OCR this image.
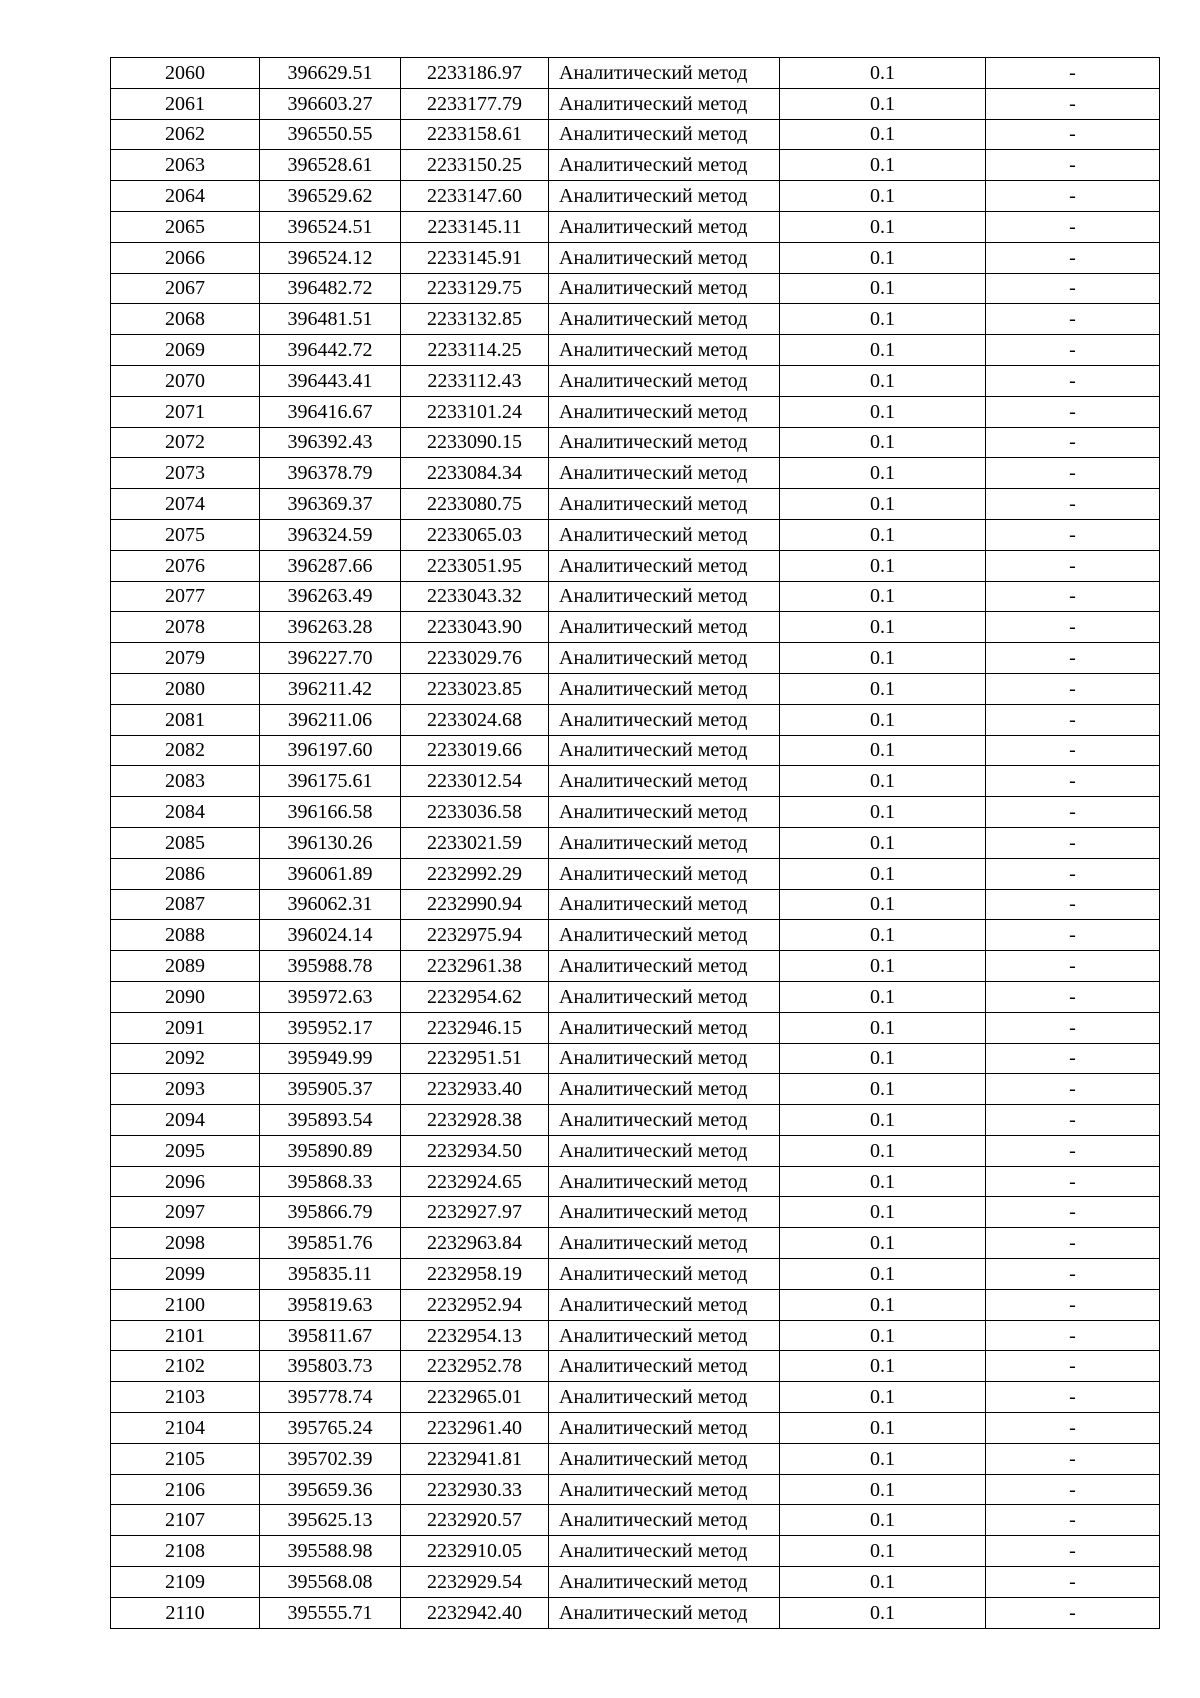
2060	396629.51	2233186.97	Аналитический метод	0.1	-
2061	396603.27	2233177.79	Аналитический метод	0.1	-
2062	396550.55	2233158.61	Аналитический метод	0.1	-
2063	396528.61	2233150.25	Аналитический метод	0.1	-
2064	396529.62	2233147.60	Аналитический метод	0.1	-
2065	396524.51	2233145.11	Аналитический метод	0.1	-
2066	396524.12	2233145.91	Аналитический метод	0.1	-
2067	396482.72	2233129.75	Аналитический метод	0.1	-
2068	396481.51	2233132.85	Аналитический метод	0.1	-
2069	396442.72	2233114.25	Аналитический метод	0.1	-
2070	396443.41	2233112.43	Аналитический метод	0.1	-
2071	396416.67	2233101.24	Аналитический метод	0.1	-
2072	396392.43	2233090.15	Аналитический метод	0.1	-
2073	396378.79	2233084.34	Аналитический метод	0.1	-
2074	396369.37	2233080.75	Аналитический метод	0.1	-
2075	396324.59	2233065.03	Аналитический метод	0.1	-
2076	396287.66	2233051.95	Аналитический метод	0.1	-
2077	396263.49	2233043.32	Аналитический метод	0.1	-
2078	396263.28	2233043.90	Аналитический метод	0.1	-
2079	396227.70	2233029.76	Аналитический метод	0.1	-
2080	396211.42	2233023.85	Аналитический метод	0.1	-
2081	396211.06	2233024.68	Аналитический метод	0.1	-
2082	396197.60	2233019.66	Аналитический метод	0.1	-
2083	396175.61	2233012.54	Аналитический метод	0.1	-
2084	396166.58	2233036.58	Аналитический метод	0.1	-
2085	396130.26	2233021.59	Аналитический метод	0.1	-
2086	396061.89	2232992.29	Аналитический метод	0.1	-
2087	396062.31	2232990.94	Аналитический метод	0.1	-
2088	396024.14	2232975.94	Аналитический метод	0.1	-
2089	395988.78	2232961.38	Аналитический метод	0.1	-
2090	395972.63	2232954.62	Аналитический метод	0.1	-
2091	395952.17	2232946.15	Аналитический метод	0.1	-
2092	395949.99	2232951.51	Аналитический метод	0.1	-
2093	395905.37	2232933.40	Аналитический метод	0.1	-
2094	395893.54	2232928.38	Аналитический метод	0.1	-
2095	395890.89	2232934.50	Аналитический метод	0.1	-
2096	395868.33	2232924.65	Аналитический метод	0.1	-
2097	395866.79	2232927.97	Аналитический метод	0.1	-
2098	395851.76	2232963.84	Аналитический метод	0.1	-
2099	395835.11	2232958.19	Аналитический метод	0.1	-
2100	395819.63	2232952.94	Аналитический метод	0.1	-
2101	395811.67	2232954.13	Аналитический метод	0.1	-
2102	395803.73	2232952.78	Аналитический метод	0.1	-
2103	395778.74	2232965.01	Аналитический метод	0.1	-
2104	395765.24	2232961.40	Аналитический метод	0.1	-
2105	395702.39	2232941.81	Аналитический метод	0.1	-
2106	395659.36	2232930.33	Аналитический метод	0.1	-
2107	395625.13	2232920.57	Аналитический метод	0.1	-
2108	395588.98	2232910.05	Аналитический метод	0.1	-
2109	395568.08	2232929.54	Аналитический метод	0.1	-
2110	395555.71	2232942.40	Аналитический метод	0.1	-
